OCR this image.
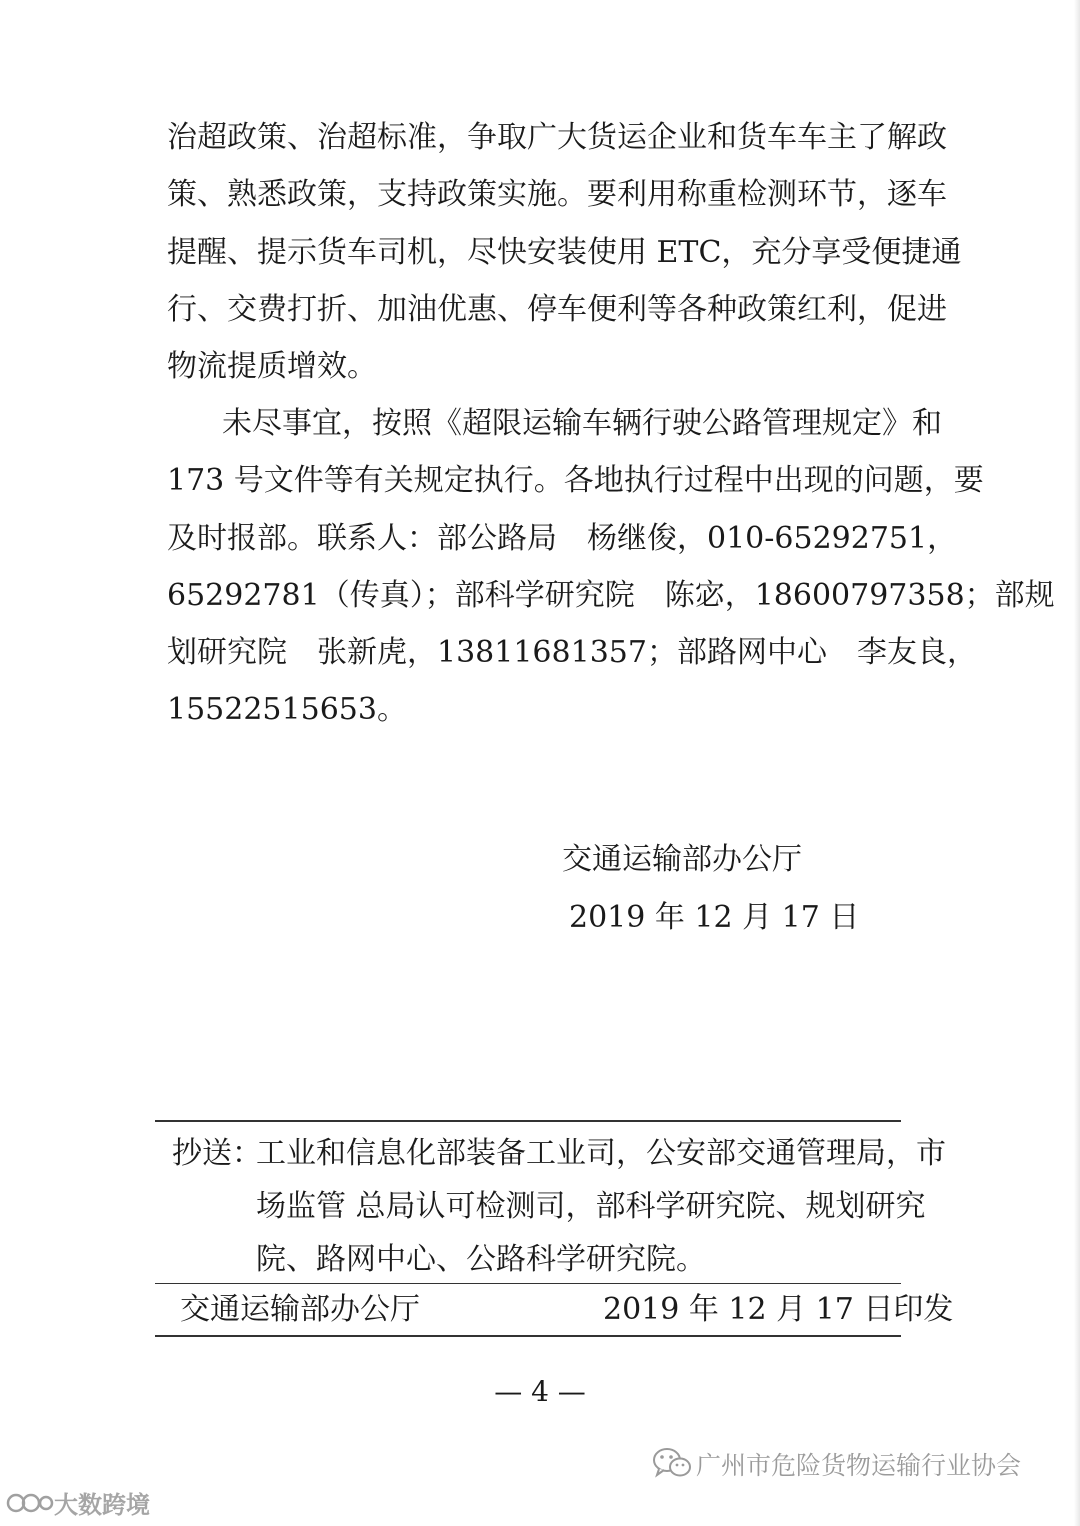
治超政策、治超标准，争取广大货运企业和货车车主了解政
策、熟悉政策，支持政策实施。要利用称重检测环节，逐车
提醒、提示货车司机，尽快安装使用 ETC，充分享受便捷通
行、交费打折、加油优惠、停车便利等各种政策红利，促进
物流提质增效。
未尽事宜，按照《超限运输车辆行驶公路管理规定》和
173 号文件等有关规定执行。各地执行过程中出现的问题，要
及时报部。联系人：部公路局　杨继俊，010-65292751，
65292781（传真）；部科学研究院　陈宓，18600797358；部规
划研究院　张新虎，13811681357；部路网中心　李友良，
15522515653。
交通运输部办公厅
2019 年 12 月 17 日
抄送：
工业和信息化部装备工业司，公安部交通管理局，市
场监管 总局认可检测司，部科学研究院、规划研究
院、路网中心、公路科学研究院。
交通运输部办公厅	2019 年 12 月 17 日印发
— 4 —
广州市危险货物运输行业协会
大数跨境
